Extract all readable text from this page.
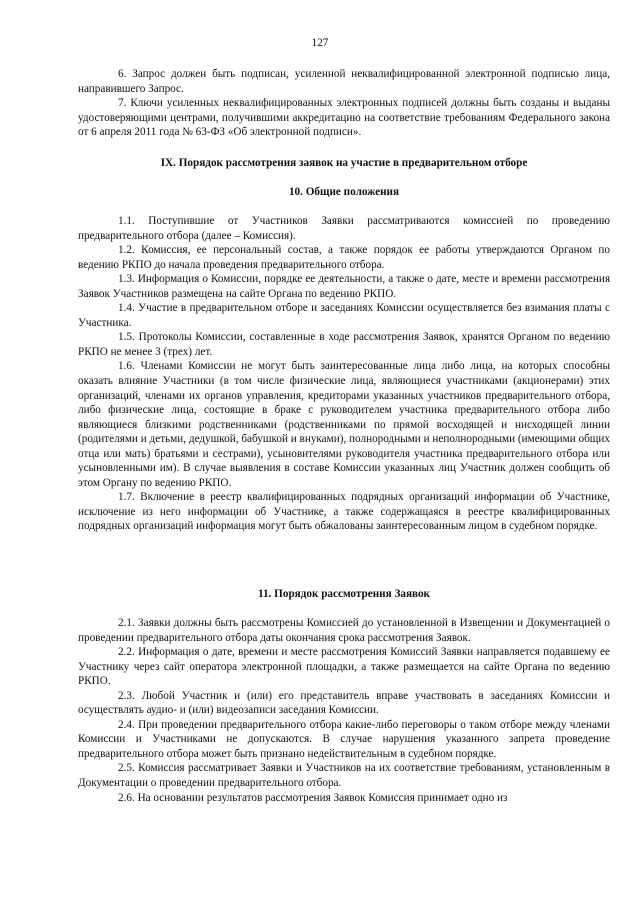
127

6. Запрос должен быть подписан, усиленной неквалифицированной электронной подписью лица, направившего Запрос.

7. Ключи усиленных неквалифицированных электронных подписей должны быть созданы и выданы удостоверяющими центрами, получившими аккредитацию на соответствие требованиям Федерального закона от 6 апреля 2011 года № 63-ФЗ «Об электронной подписи».

IX. Порядок рассмотрения заявок на участие в предварительном отборе
10. Общие положения

1.1. Поступившие от Участников Заявки рассматриваются комиссией по проведению предварительного отбора (далее – Комиссия).

1.2. Комиссия, ее персональный состав, а также порядок ее работы утверждаются Органом по ведению РКПО до начала проведения предварительного отбора.

1.3. Информация о Комиссии, порядке ее деятельности, а также о дате, месте и времени рассмотрения Заявок Участников размещена на сайте Органа по ведению РКПО.

1.4. Участие в предварительном отборе и заседаниях Комиссии осуществляется без взимания платы с Участника.

1.5. Протоколы Комиссии, составленные в ходе рассмотрения Заявок, хранятся Органом по ведению РКПО не менее 3 (трех) лет.

1.6. Членами Комиссии не могут быть заинтересованные лица либо лица, на которых способны оказать влияние Участники (в том числе физические лица, являющиеся участниками (акционерами) этих организаций, членами их органов управления, кредиторами указанных участников предварительного отбора, либо физические лица, состоящие в браке с руководителем участника предварительного отбора либо являющиеся близкими родственниками (родственниками по прямой восходящей и нисходящей линии (родителями и детьми, дедушкой, бабушкой и внуками), полнородными и неполнородными (имеющими общих отца или мать) братьями и сестрами), усыновителями руководителя участника предварительного отбора или усыновленными им). В случае выявления в составе Комиссии указанных лиц Участник должен сообщить об этом Органу по ведению РКПО.

1.7. Включение в реестр квалифицированных подрядных организаций информации об Участнике, исключение из него информации об Участнике, а также содержащаяся в реестре квалифицированных подрядных организаций информация могут быть обжалованы заинтересованным лицом в судебном порядке.

11. Порядок рассмотрения Заявок

2.1. Заявки должны быть рассмотрены Комиссией до установленной в Извещении и Документацией о проведении предварительного отбора даты окончания срока рассмотрения Заявок.

2.2. Информация о дате, времени и месте рассмотрения Комиссий Заявки направляется подавшему ее Участнику через сайт оператора электронной площадки, а также размещается на сайте Органа по ведению РКПО.

2.3. Любой Участник и (или) его представитель вправе участвовать в заседаниях Комиссии и осуществлять аудио- и (или) видеозаписи заседания Комиссии.

2.4. При проведении предварительного отбора какие-либо переговоры о таком отборе между членами Комиссии и Участниками не допускаются. В случае нарушения указанного запрета проведение предварительного отбора может быть признано недействительным в судебном порядке.

2.5. Комиссия рассматривает Заявки и Участников на их соответствие требованиям, установленным в Документации о проведении предварительного отбора.

2.6. На основании результатов рассмотрения Заявок Комиссия принимает одно из
